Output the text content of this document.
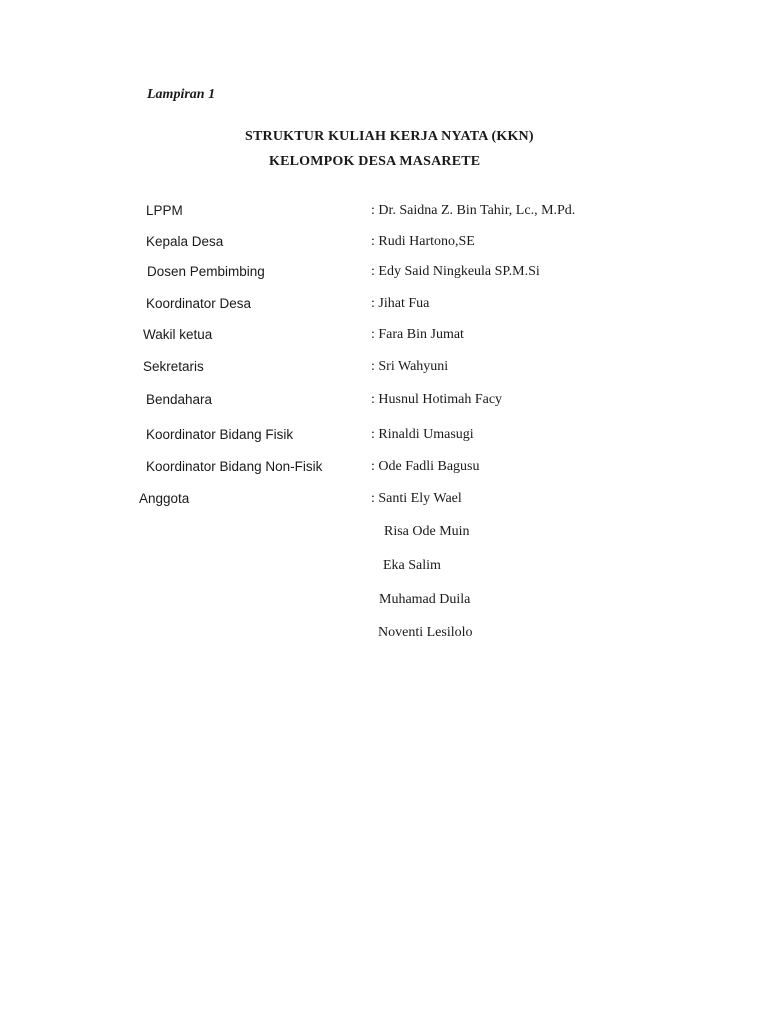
Lampiran 1
STRUKTUR KULIAH KERJA NYATA (KKN)
KELOMPOK DESA MASARETE
LPPM	: Dr. Saidna Z. Bin Tahir, Lc., M.Pd.
Kepala Desa	: Rudi Hartono,SE
Dosen Pembimbing	: Edy Said Ningkeula SP.M.Si
Koordinator Desa	: Jihat Fua
Wakil ketua	: Fara Bin Jumat
Sekretaris	: Sri Wahyuni
Bendahara	: Husnul Hotimah Facy
Koordinator Bidang Fisik	: Rinaldi Umasugi
Koordinator Bidang Non-Fisik	: Ode Fadli Bagusu
Anggota	: Santi Ely Wael
Risa Ode Muin
Eka Salim
Muhamad Duila
Noventi Lesilolo
